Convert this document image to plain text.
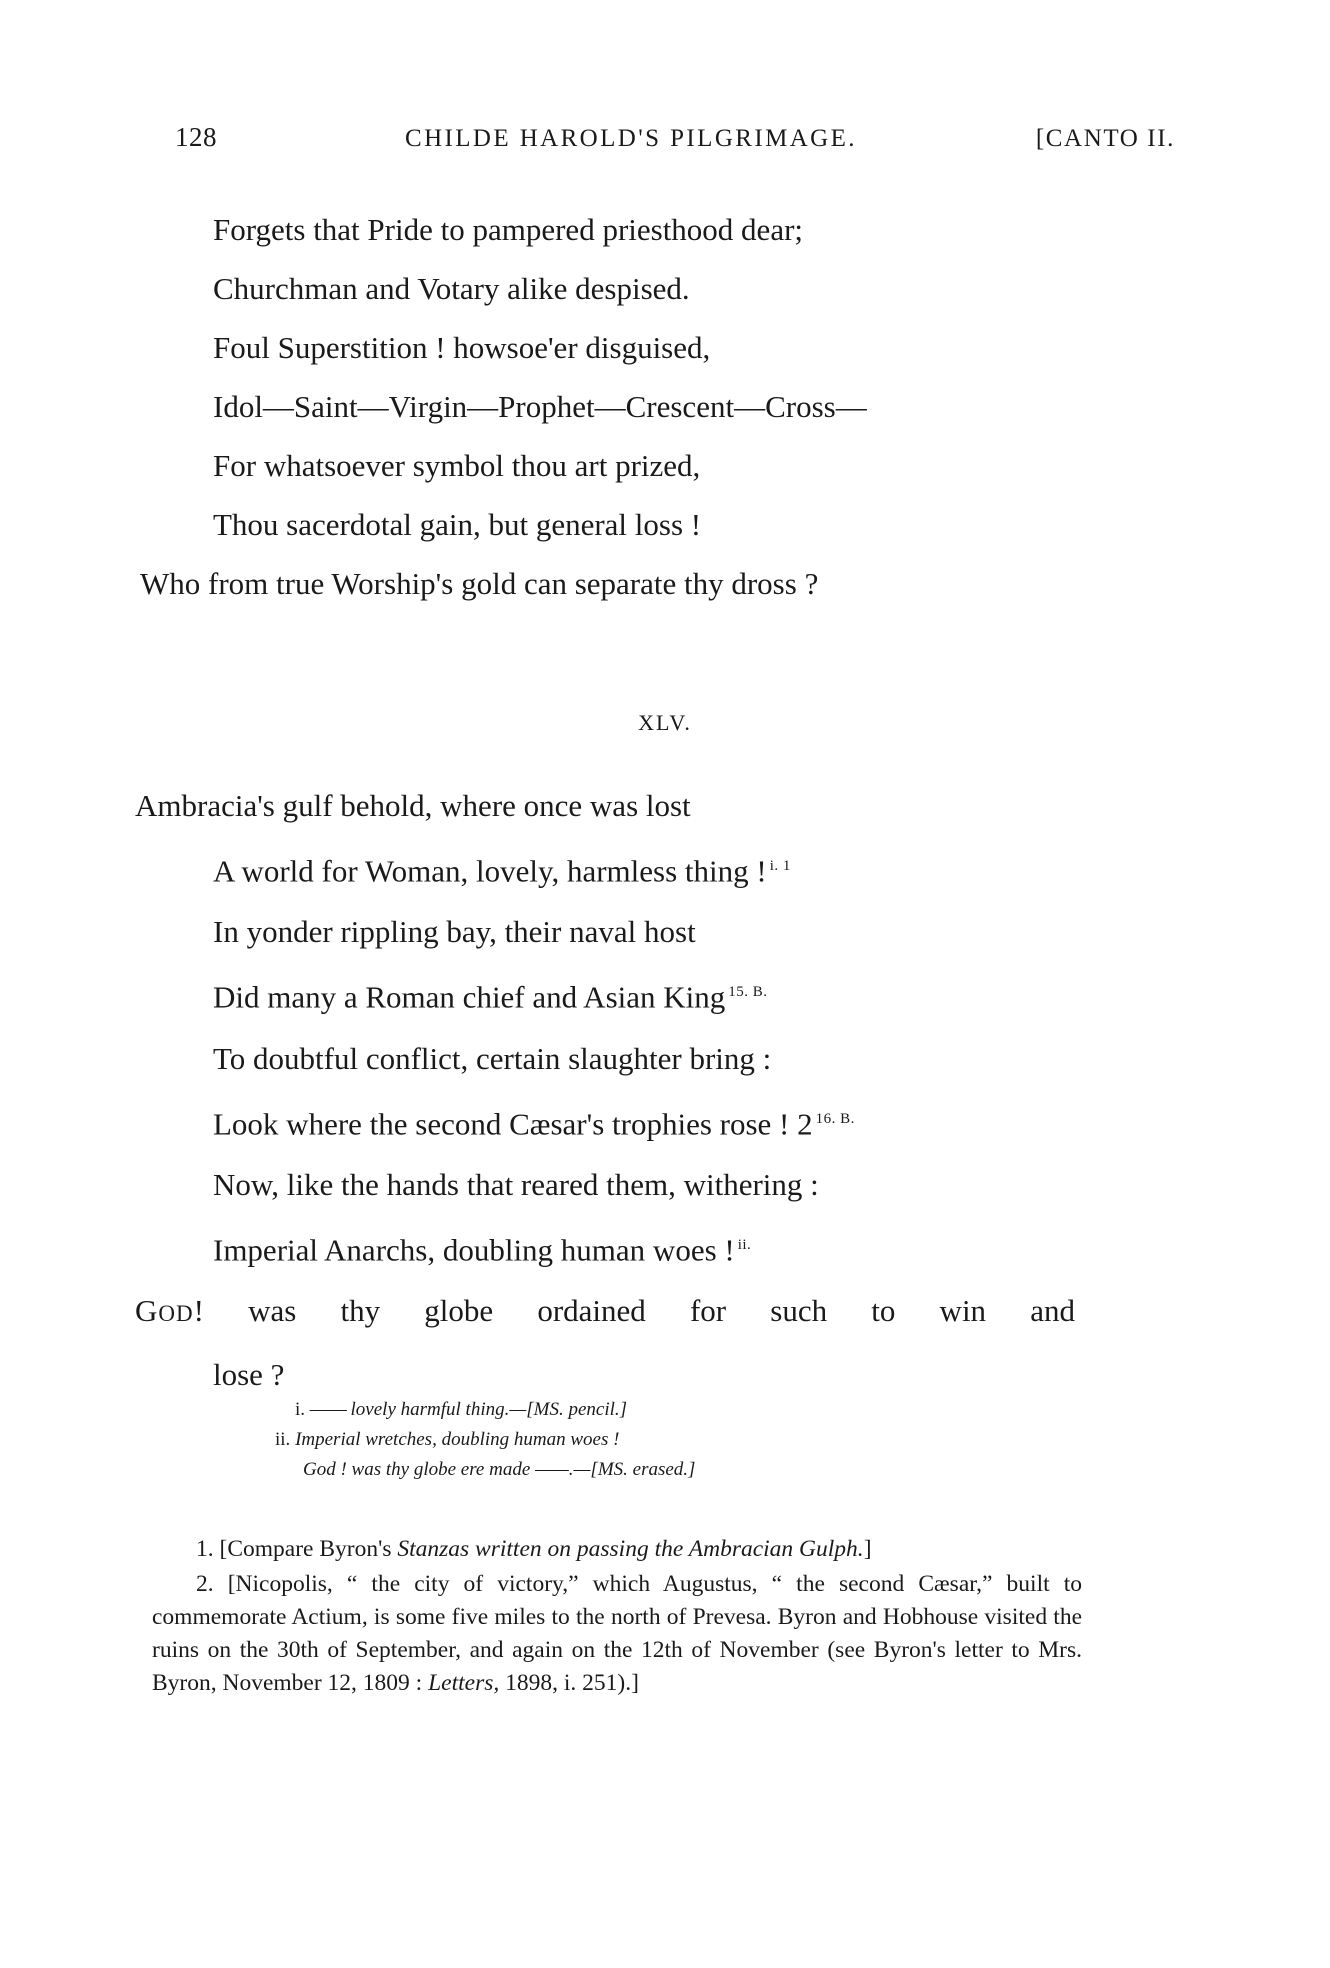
128	CHILDE HAROLD'S PILGRIMAGE.	[CANTO II.
Forgets that Pride to pampered priesthood dear;
Churchman and Votary alike despised.
Foul Superstition ! howsoe'er disguised,
Idol—Saint—Virgin—Prophet—Crescent—Cross—
For whatsoever symbol thou art prized,
Thou sacerdotal gain, but general loss !
Who from true Worship's gold can separate thy dross ?
XLV.
Ambracia's gulf behold, where once was lost
A world for Woman, lovely, harmless thing ! $^{i. 1}$
In yonder rippling bay, their naval host
Did many a Roman chief and Asian King $^{15. B.}$
To doubtful conflict, certain slaughter bring :
Look where the second Cæsar's trophies rose ! 2 $^{16. B.}$
Now, like the hands that reared them, withering :
Imperial Anarchs, doubling human woes ! $^{ii.}$
GOD! was thy globe ordained for such to win and
lose ?
i. —— lovely harmful thing.—[MS. pencil.]
ii. Imperial wretches, doubling human woes !
God ! was thy globe ere made ——.—[MS. erased.]

1. [Compare Byron's Stanzas written on passing the Ambracian Gulph.]

2. [Nicopolis, “ the city of victory,” which Augustus, “ the second Cæsar,” built to commemorate Actium, is some five miles to the north of Prevesa. Byron and Hobhouse visited the ruins on the 30th of September, and again on the 12th of November (see Byron's letter to Mrs. Byron, November 12, 1809 : Letters, 1898, i. 251).]
